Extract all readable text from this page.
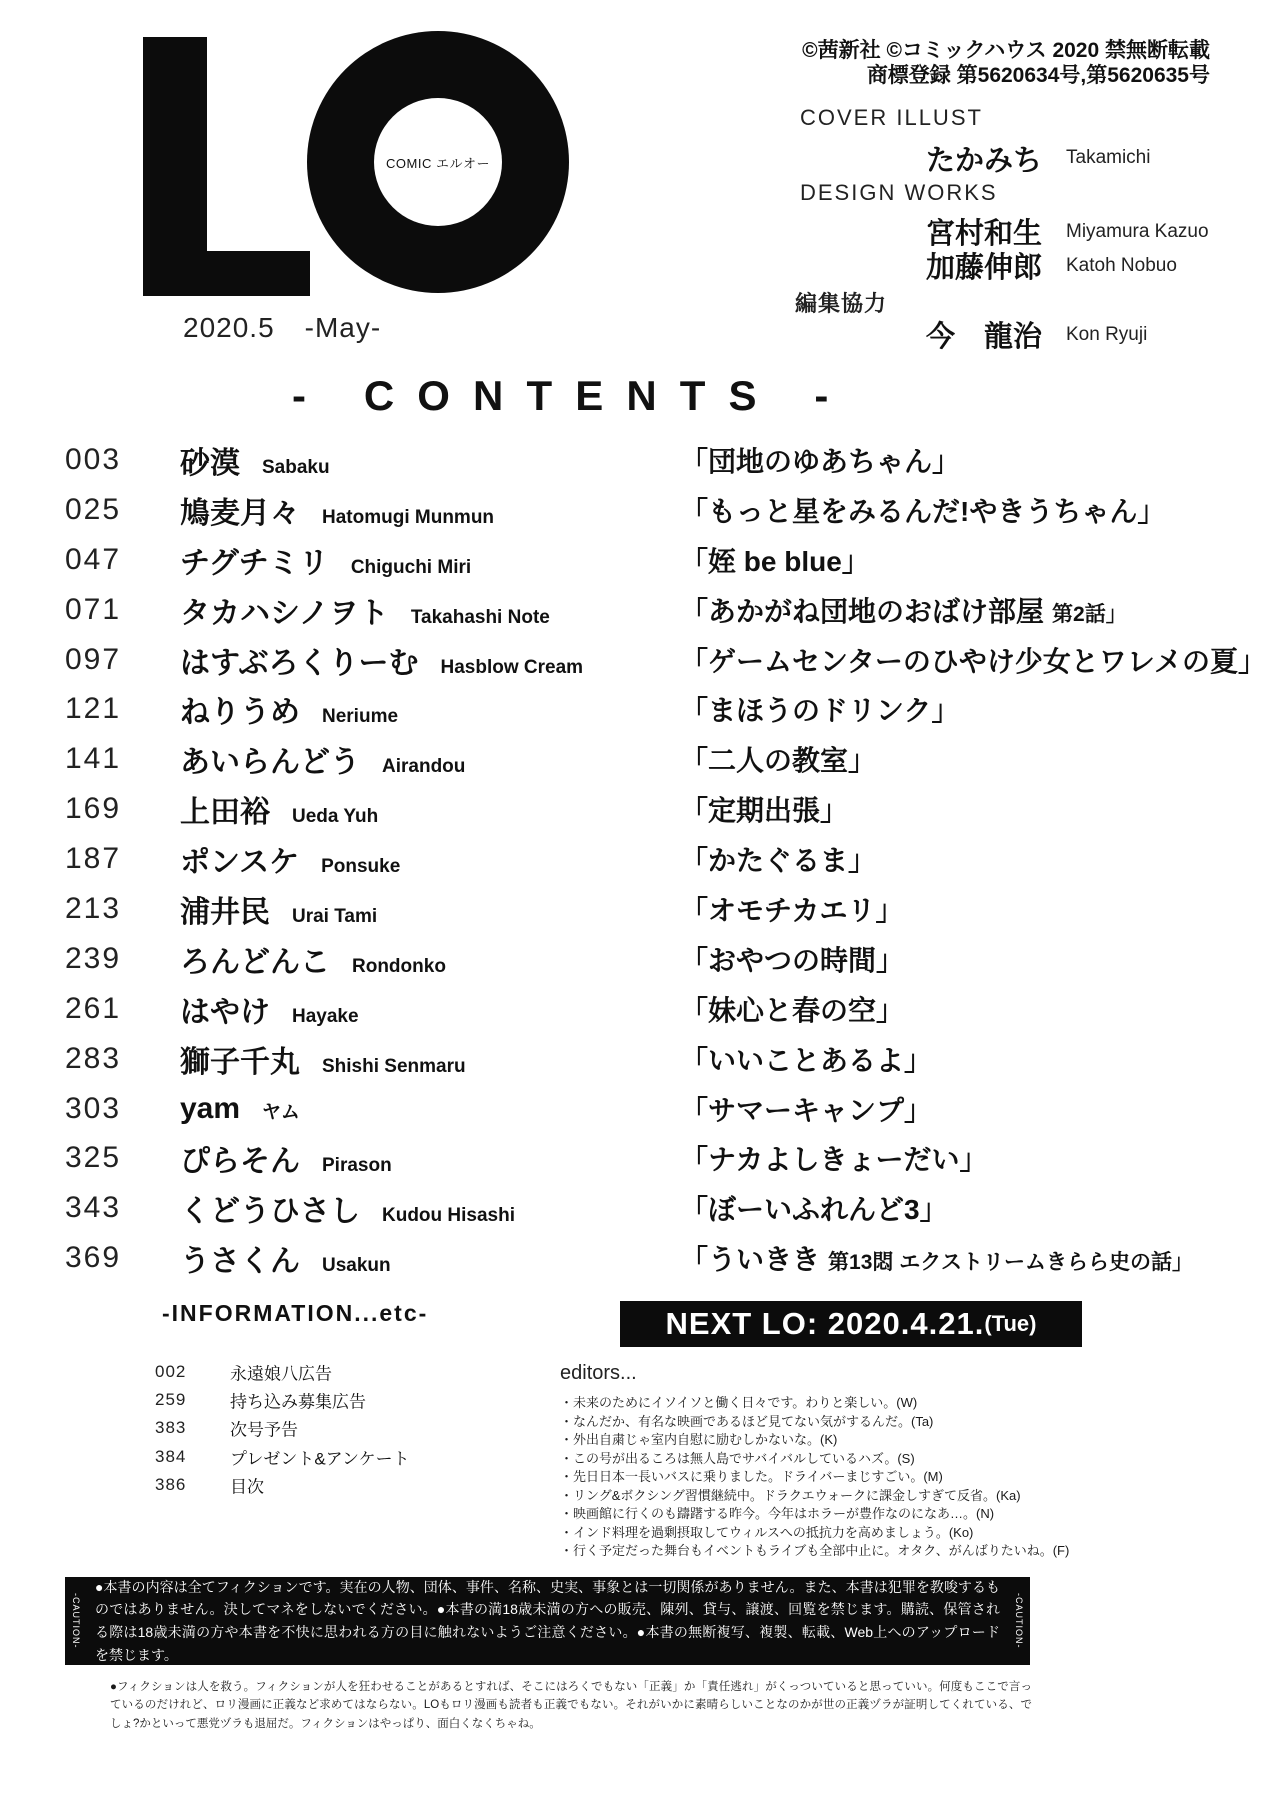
COMIC エルオー
2020.5 -May-
©茜新社 ©コミックハウス 2020 禁無断転載
商標登録 第5620634号,第5620635号
COVER ILLUST
たかみち Takamichi
DESIGN WORKS
宮村和生 Miyamura Kazuo
加藤伸郎 Katoh Nobuo
編集協力
今　龍治 Kon Ryuji
- CONTENTS -
003 砂漠 Sabaku	「団地のゆあちゃん」
025 鳩麦月々 Hatomugi Munmun	「もっと星をみるんだ!やきうちゃん」
047 チグチミリ Chiguchi Miri	「姪 be blue」
071 タカハシノヲト Takahashi Note	「あかがね団地のおばけ部屋 第2話」
097 はすぶろくりーむ Hasblow Cream	「ゲームセンターのひやけ少女とワレメの夏」
121 ねりうめ Neriume	「まほうのドリンク」
141 あいらんどう Airandou	「二人の教室」
169 上田裕 Ueda Yuh	「定期出張」
187 ポンスケ Ponsuke	「かたぐるま」
213 浦井民 Urai Tami	「オモチカエリ」
239 ろんどんこ Rondonko	「おやつの時間」
261 はやけ Hayake	「妹心と春の空」
283 獅子千丸 Shishi Senmaru	「いいことあるよ」
303 yam ヤム	「サマーキャンプ」
325 ぴらそん Pirason	「ナカよしきょーだい」
343 くどうひさし Kudou Hisashi	「ぼーいふれんど3」
369 うさくん Usakun	「ういきき 第13悶 エクストリームきらら史の話」
-INFORMATION...etc-
002	永遠娘八広告
259	持ち込み募集広告
383	次号予告
384	プレゼント&アンケート
386	目次
NEXT LO: 2020.4.21. (Tue)
editors...
・未来のためにイソイソと働く日々です。わりと楽しい。(W)
・なんだか、有名な映画であるほど見てない気がするんだ。(Ta)
・外出自粛じゃ室内自慰に励むしかないな。(K)
・この号が出るころは無人島でサバイバルしているハズ。(S)
・先日日本一長いバスに乗りました。ドライバーまじすごい。(M)
・リング&ボクシング習慣継続中。ドラクエウォークに課金しすぎて反省。(Ka)
・映画館に行くのも躊躇する昨今。今年はホラーが豊作なのになあ…。(N)
・インド料理を過剰摂取してウィルスへの抵抗力を高めましょう。(Ko)
・行く予定だった舞台もイベントもライブも全部中止に。オタク、がんばりたいね。(F)
-CAUTION-
●本書の内容は全てフィクションです。実在の人物、団体、事件、名称、史実、事象とは一切関係がありません。また、本書は犯罪を教唆するものではありません。決してマネをしないでください。●本書の満18歳未満の方への販売、陳列、貸与、譲渡、回覧を禁じます。購読、保管される際は18歳未満の方や本書を不快に思われる方の目に触れないようご注意ください。●本書の無断複写、複製、転載、Web上へのアップロードを禁じます。
-CAUTION-
●フィクションは人を救う。フィクションが人を狂わせることがあるとすれば、そこにはろくでもない「正義」か「責任逃れ」がくっついていると思っていい。何度もここで言っているのだけれど、ロリ漫画に正義など求めてはならない。LOもロリ漫画も読者も正義でもない。それがいかに素晴らしいことなのかが世の正義ヅラが証明してくれている、でしょ?かといって悪党ヅラも退屈だ。フィクションはやっぱり、面白くなくちゃね。
